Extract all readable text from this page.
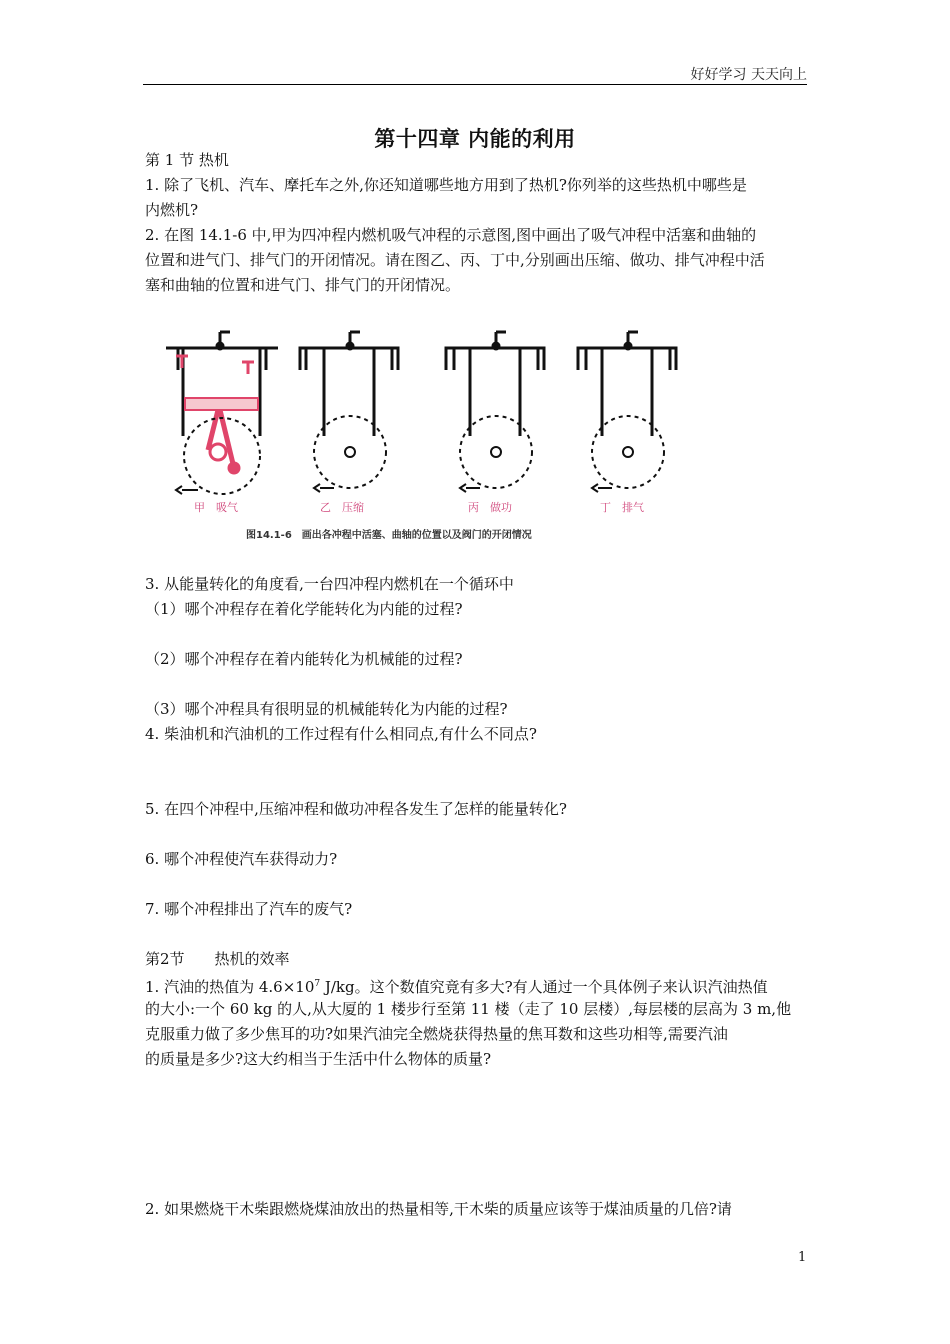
好好学习 天天向上
第十四章 内能的利用
第 1 节 热机
1. 除了飞机、汽车、摩托车之外,你还知道哪些地方用到了热机?你列举的这些热机中哪些是
内燃机?
2. 在图 14.1-6 中,甲为四冲程内燃机吸气冲程的示意图,图中画出了吸气冲程中活塞和曲轴的
位置和进气门、排气门的开闭情况。请在图乙、丙、丁中,分别画出压缩、做功、排气冲程中活
塞和曲轴的位置和进气门、排气门的开闭情况。
甲　吸气	乙　压缩	丙　做功	丁　排气
图14.1-6　画出各冲程中活塞、曲轴的位置以及阀门的开闭情况
3. 从能量转化的角度看,一台四冲程内燃机在一个循环中
（1）哪个冲程存在着化学能转化为内能的过程?
（2）哪个冲程存在着内能转化为机械能的过程?
（3）哪个冲程具有很明显的机械能转化为内能的过程?
4. 柴油机和汽油机的工作过程有什么相同点,有什么不同点?
5. 在四个冲程中,压缩冲程和做功冲程各发生了怎样的能量转化?
6. 哪个冲程使汽车获得动力?
7. 哪个冲程排出了汽车的废气?
第2节　　热机的效率
1. 汽油的热值为 $4.6\times 10^7$ J/kg。这个数值究竟有多大?有人通过一个具体例子来认识汽油热值
的大小:一个 60 kg 的人,从大厦的 1 楼步行至第 11 楼（走了 10 层楼）,每层楼的层高为 3 m,他
克服重力做了多少焦耳的功?如果汽油完全燃烧获得热量的焦耳数和这些功相等,需要汽油
的质量是多少?这大约相当于生活中什么物体的质量?
2. 如果燃烧干木柴跟燃烧煤油放出的热量相等,干木柴的质量应该等于煤油质量的几倍?请
1
